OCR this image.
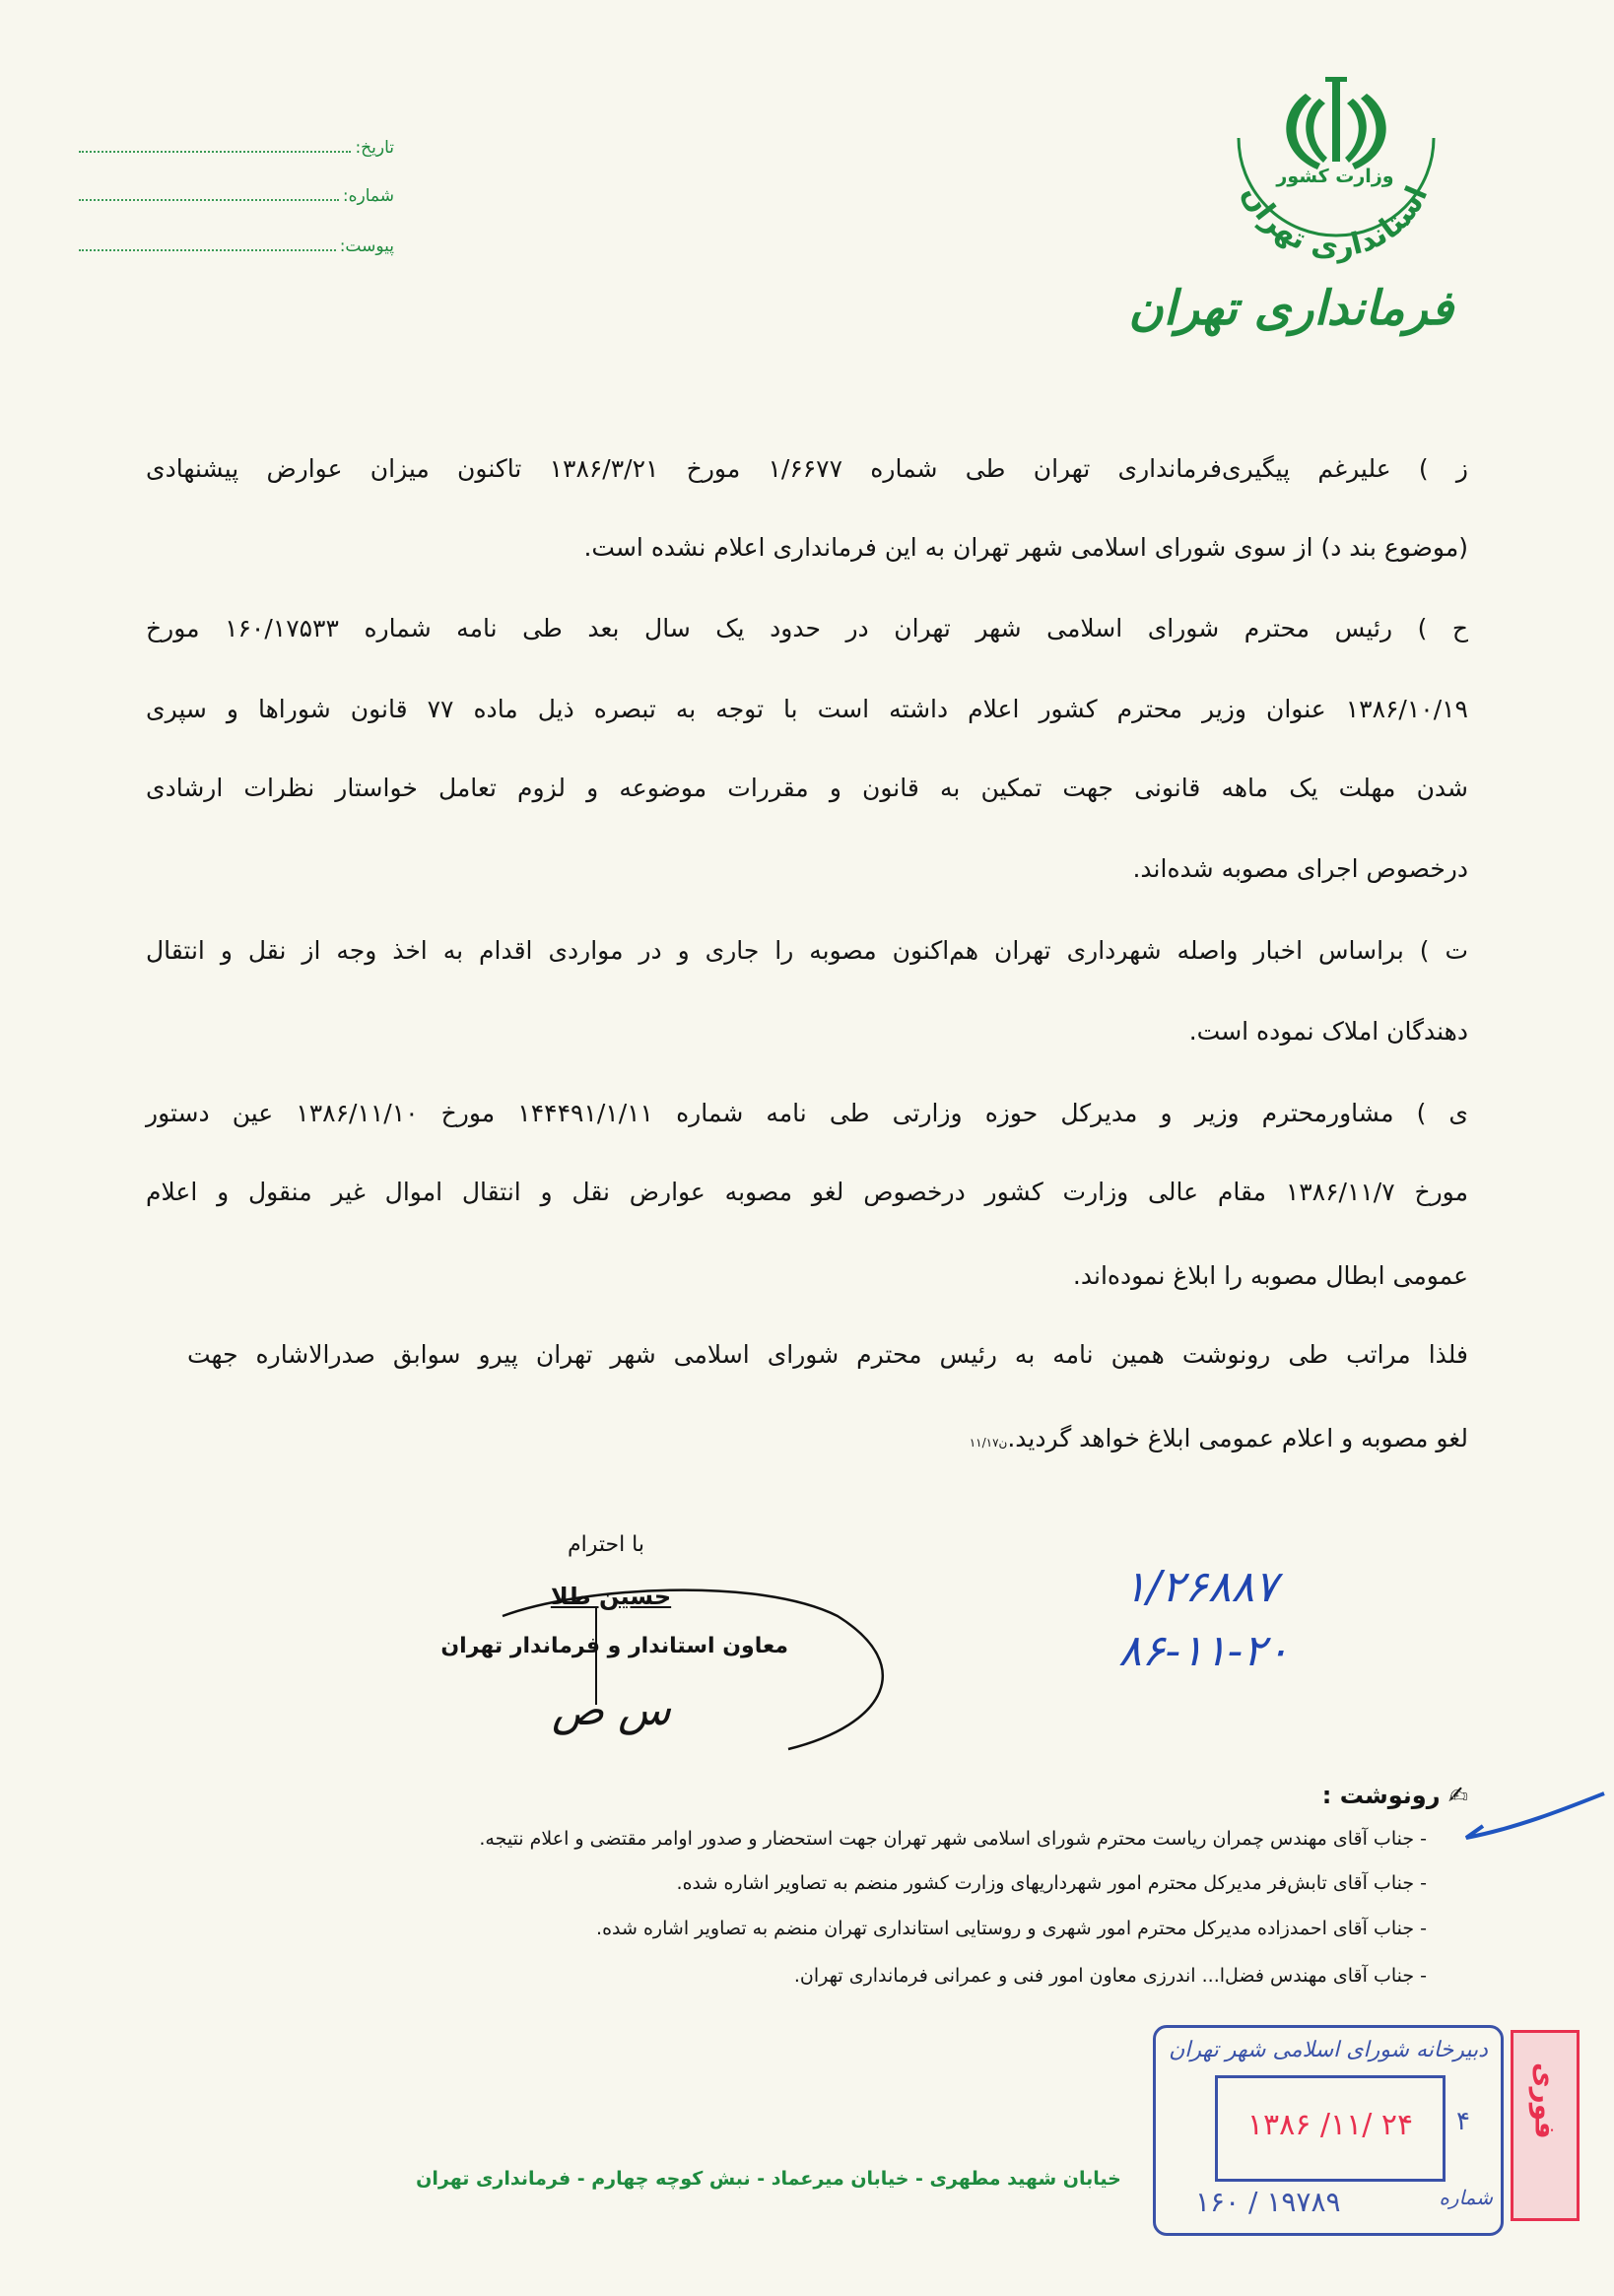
وزارت کشور
استانداری تهران
فرمانداری تهران
تاریخ:
شماره:
پیوست:
ز ) علیرغم پیگیری‌فرمانداری تهران طی شماره ۱/۶۶۷۷ مورخ ۱۳۸۶/۳/۲۱ تاکنون میزان عوارض پیشنهادی
(موضوع بند د) از سوی شورای اسلامی شهر تهران به این فرمانداری اعلام نشده است.
ح ) رئیس محترم شورای اسلامی شهر تهران در حدود یک سال بعد طی نامه شماره ۱۶۰/۱۷۵۳۳ مورخ
۱۳۸۶/۱۰/۱۹ عنوان وزیر محترم کشور اعلام داشته است با توجه به تبصره ذیل ماده ۷۷ قانون شوراها و سپری
شدن مهلت یک ماهه قانونی جهت تمکین به قانون و مقررات موضوعه و لزوم تعامل خواستار نظرات ارشادی
درخصوص اجرای مصوبه شده‌اند.
ت ) براساس اخبار واصله شهرداری تهران هم‌اکنون مصوبه را جاری و در مواردی اقدام به اخذ وجه از نقل و انتقال
دهندگان املاک نموده است.
ی ) مشاورمحترم وزیر و مدیرکل حوزه وزارتی طی نامه شماره ۱۴۴۴۹۱/۱/۱۱ مورخ ۱۳۸۶/۱۱/۱۰ عین دستور
مورخ ۱۳۸۶/۱۱/۷ مقام عالی وزارت کشور درخصوص لغو مصوبه عوارض نقل و انتقال اموال غیر منقول و اعلام
عمومی ابطال مصوبه را ابلاغ نموده‌اند.
فلذا مراتب طی رونوشت همین نامه به رئیس محترم شورای اسلامی شهر تهران پیرو سوابق صدرالاشاره جهت
لغو مصوبه و اعلام عمومی ابلاغ خواهد گردید.ن۱۱/۱۷
با احترام
حسین طلا
معاون استاندار و فرماندار تهران
س ص
۱/۲۶۸۸۷
۸۶-۱۱-۲۰
✍ رونوشت :
- جناب آقای مهندس چمران ریاست محترم شورای اسلامی شهر تهران جهت استحضار و صدور اوامر مقتضی و اعلام نتیجه.
- جناب آقای تابش‌فر مدیرکل محترم امور شهرداریهای وزارت کشور منضم به تصاویر اشاره شده.
- جناب آقای احمدزاده مدیرکل محترم امور شهری و روستایی استانداری تهران منضم به تصاویر اشاره شده.
- جناب آقای مهندس فضل‌ا... اندرزی معاون امور فنی و عمرانی فرمانداری تهران.
خیابان شهید مطهری - خیابان میرعماد - نبش کوچه چهارم - فرمانداری تهران
دبیرخانه شورای اسلامی شهر تهران
۱۳۸۶ /۱۱/ ۲۴	۴
شماره
۱۶۰ / ۱۹۷۸۹
فوری
